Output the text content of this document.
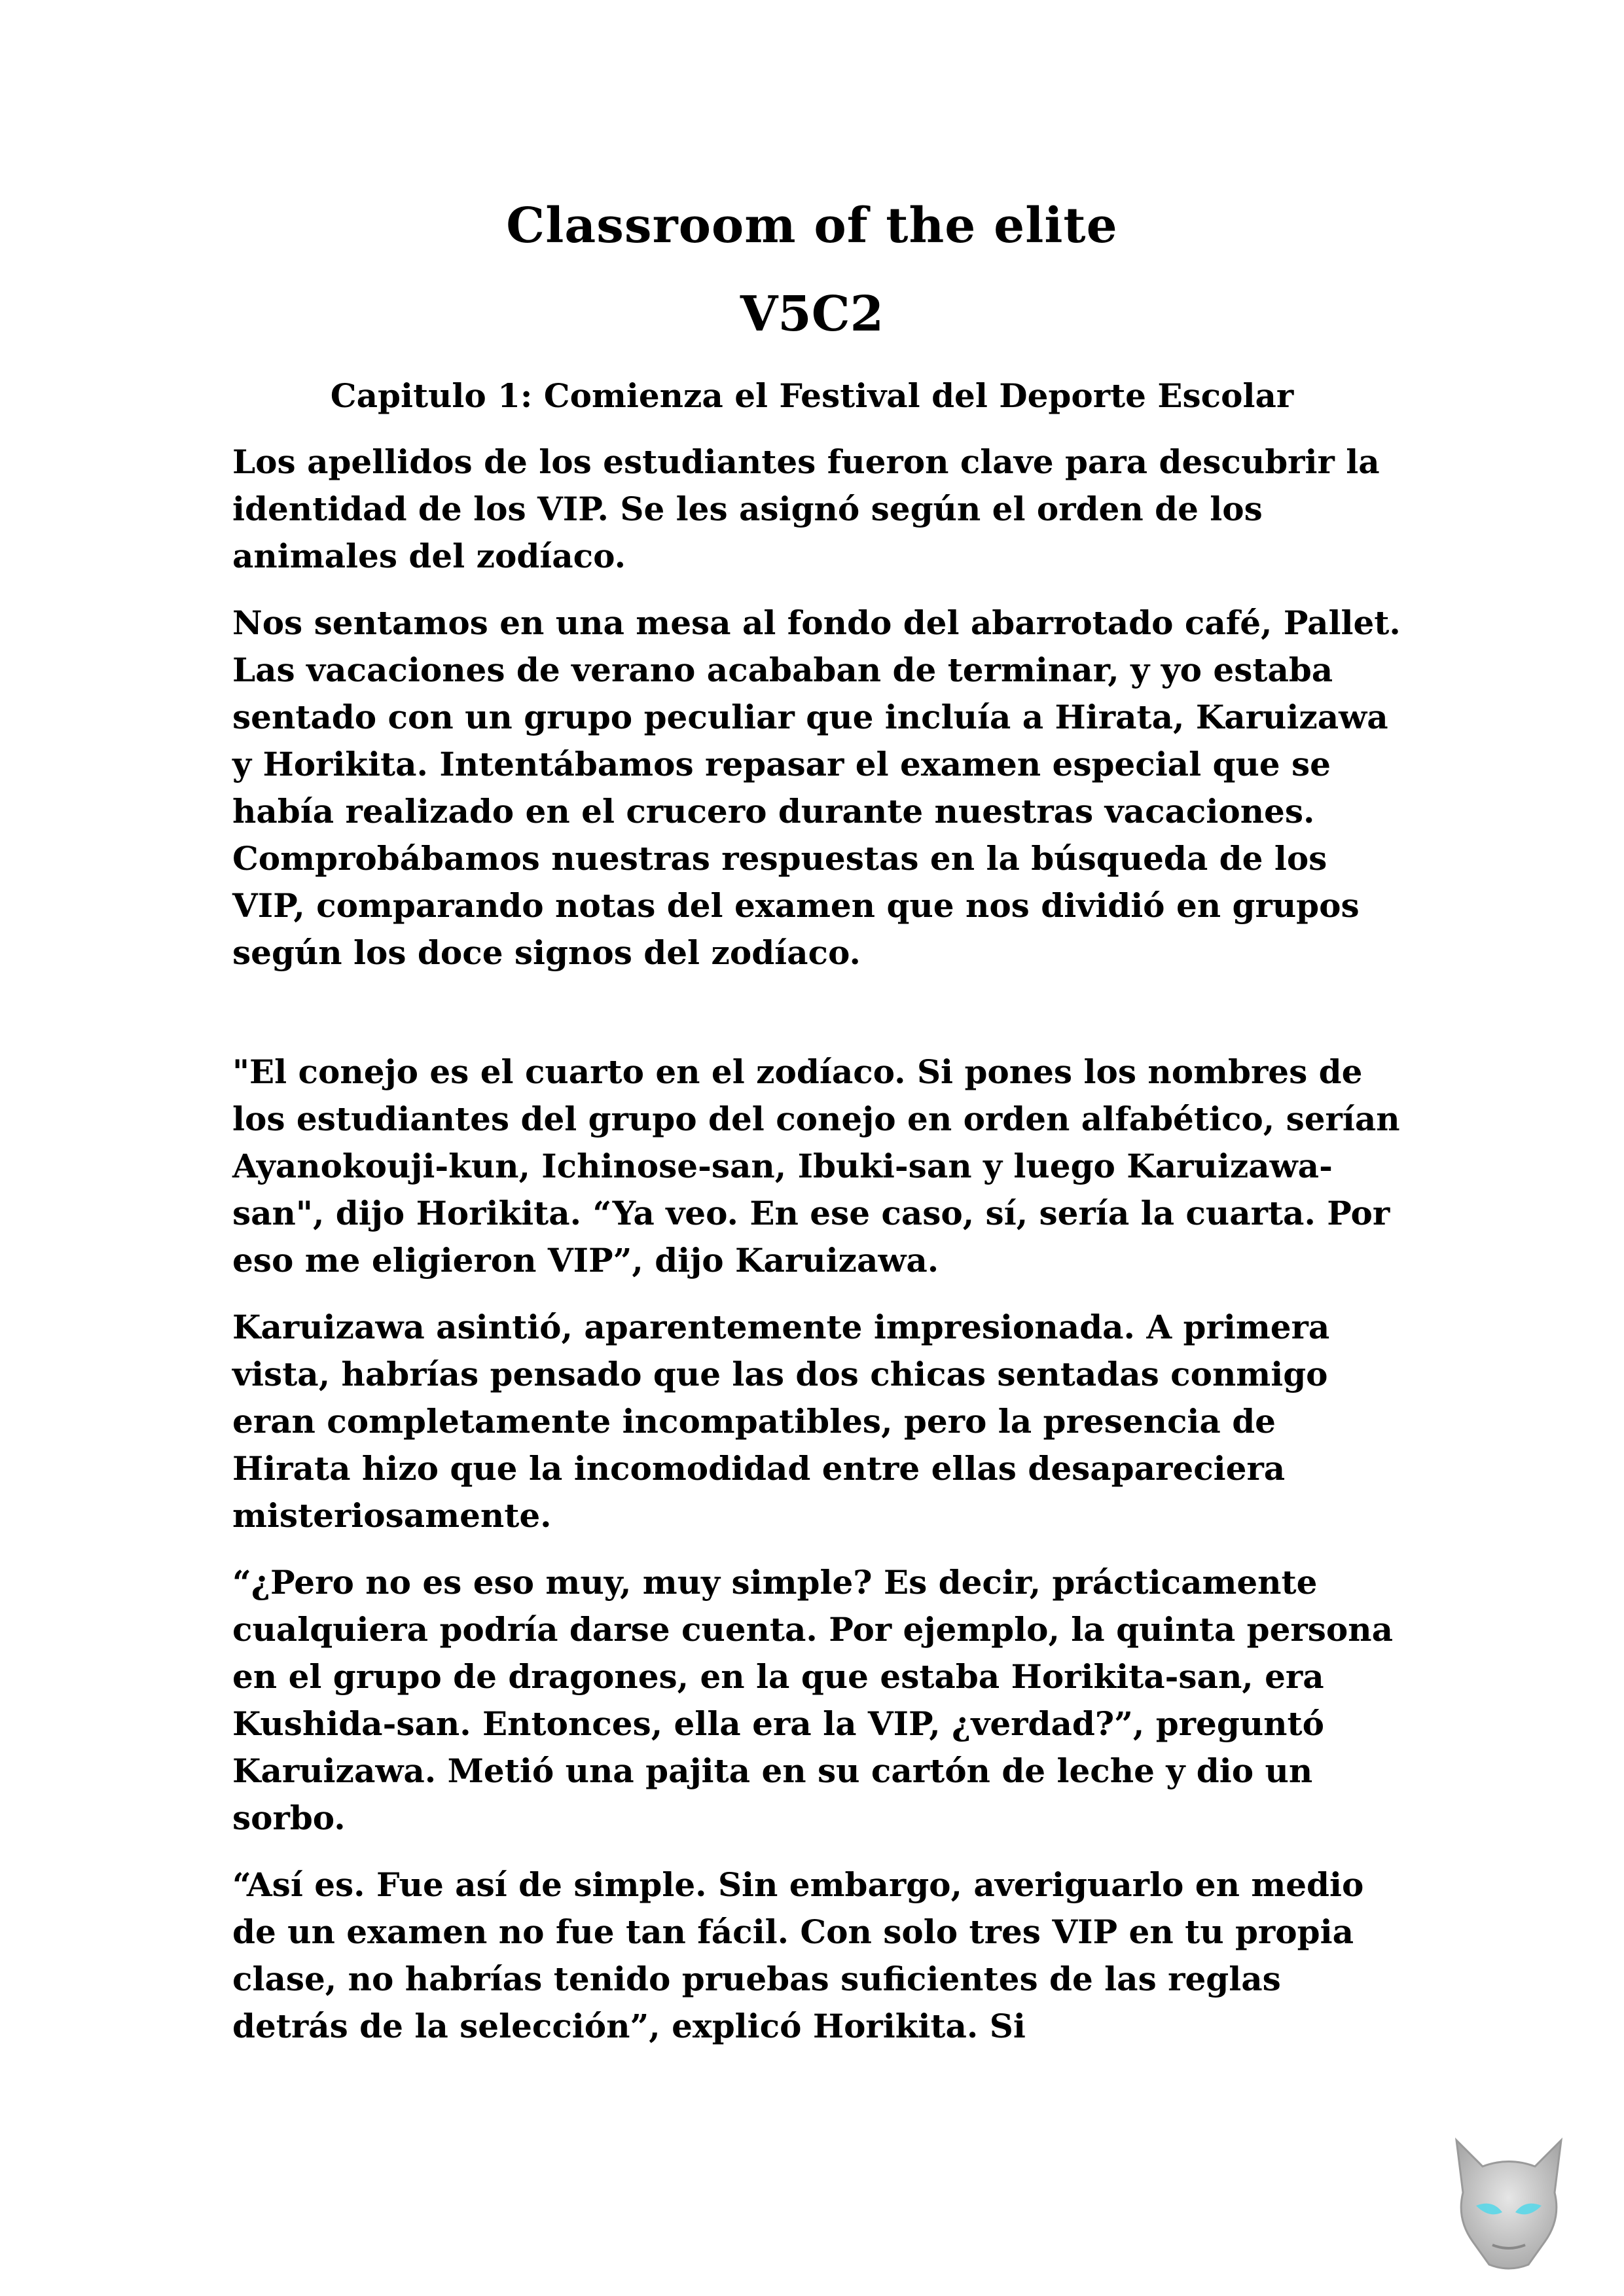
Classroom of the elite
V5C2
Capitulo 1: Comienza el Festival del Deporte Escolar

Los apellidos de los estudiantes fueron clave para descubrir la identidad de los VIP. Se les asignó según el orden de los animales del zodíaco.

Nos sentamos en una mesa al fondo del abarrotado café, Pallet. Las vacaciones de verano acababan de terminar, y yo estaba sentado con un grupo peculiar que incluía a Hirata, Karuizawa y Horikita. Intentábamos repasar el examen especial que se había realizado en el crucero durante nuestras vacaciones. Comprobábamos nuestras respuestas en la búsqueda de los VIP, comparando notas del examen que nos dividió en grupos según los doce signos del zodíaco.

"El conejo es el cuarto en el zodíaco. Si pones los nombres de los estudiantes del grupo del conejo en orden alfabético, serían Ayanokouji-kun, Ichinose-san, Ibuki-san y luego Karuizawa-san", dijo Horikita. “Ya veo. En ese caso, sí, sería la cuarta. Por eso me eligieron VIP”, dijo Karuizawa.

Karuizawa asintió, aparentemente impresionada. A primera vista, habrías pensado que las dos chicas sentadas conmigo eran completamente incompatibles, pero la presencia de Hirata hizo que la incomodidad entre ellas desapareciera misteriosamente.

“¿Pero no es eso muy, muy simple? Es decir, prácticamente cualquiera podría darse cuenta. Por ejemplo, la quinta persona en el grupo de dragones, en la que estaba Horikita-san, era Kushida-san. Entonces, ella era la VIP, ¿verdad?”, preguntó Karuizawa. Metió una pajita en su cartón de leche y dio un sorbo.

“Así es. Fue así de simple. Sin embargo, averiguarlo en medio de un examen no fue tan fácil. Con solo tres VIP en tu propia clase, no habrías tenido pruebas suficientes de las reglas detrás de la selección”, explicó Horikita. Si
